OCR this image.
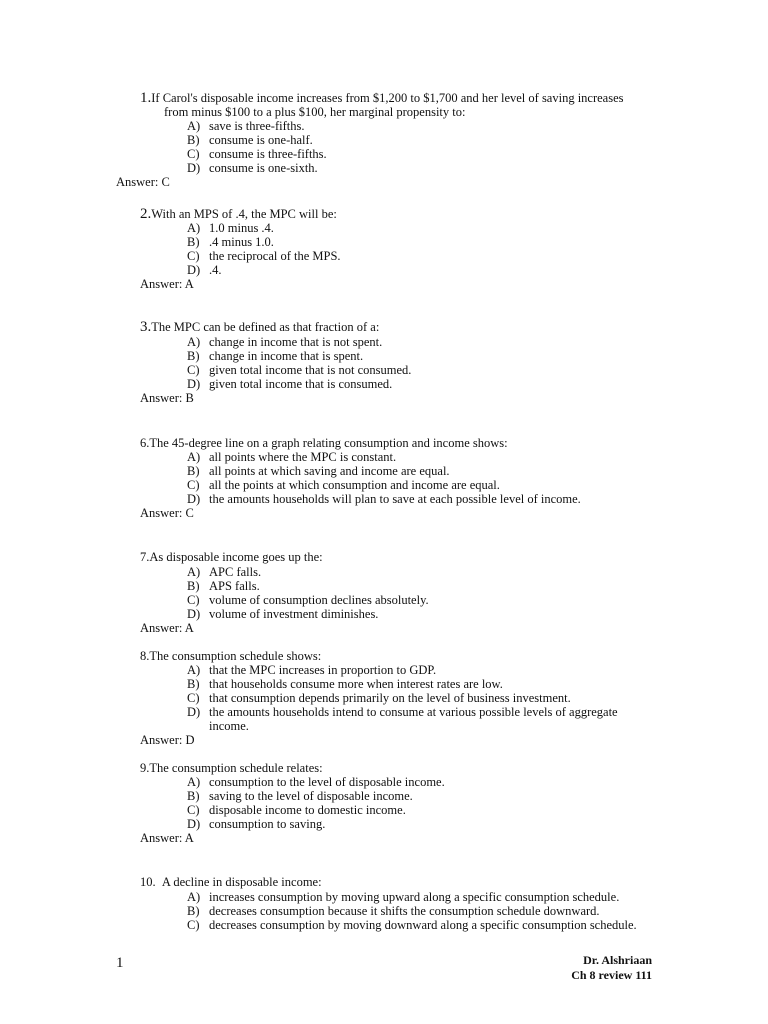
1.If Carol's disposable income increases from $1,200 to $1,700 and her level of saving increases
from minus $100 to a plus $100, her marginal propensity to:
A) save is three-fifths.
B) consume is one-half.
C) consume is three-fifths.
D) consume is one-sixth.
Answer: C
2.With an MPS of .4, the MPC will be:
A) 1.0 minus .4.
B) .4 minus 1.0.
C) the reciprocal of the MPS.
D) .4.
Answer: A
3.The MPC can be defined as that fraction of a:
A) change in income that is not spent.
B) change in income that is spent.
C) given total income that is not consumed.
D) given total income that is consumed.
Answer: B
6.The 45-degree line on a graph relating consumption and income shows:
A) all points where the MPC is constant.
B) all points at which saving and income are equal.
C) all the points at which consumption and income are equal.
D) the amounts households will plan to save at each possible level of income.
Answer: C
7.As disposable income goes up the:
A) APC falls.
B) APS falls.
C) volume of consumption declines absolutely.
D) volume of investment diminishes.
Answer: A
8.The consumption schedule shows:
A) that the MPC increases in proportion to GDP.
B) that households consume more when interest rates are low.
C) that consumption depends primarily on the level of business investment.
D) the amounts households intend to consume at various possible levels of aggregate
income.
Answer: D
9.The consumption schedule relates:
A) consumption to the level of disposable income.
B) saving to the level of disposable income.
C) disposable income to domestic income.
D) consumption to saving.
Answer: A
10. A decline in disposable income:
A) increases consumption by moving upward along a specific consumption schedule.
B) decreases consumption because it shifts the consumption schedule downward.
C) decreases consumption by moving downward along a specific consumption schedule.
1	Dr. Alshriaan
Ch 8 review 111
